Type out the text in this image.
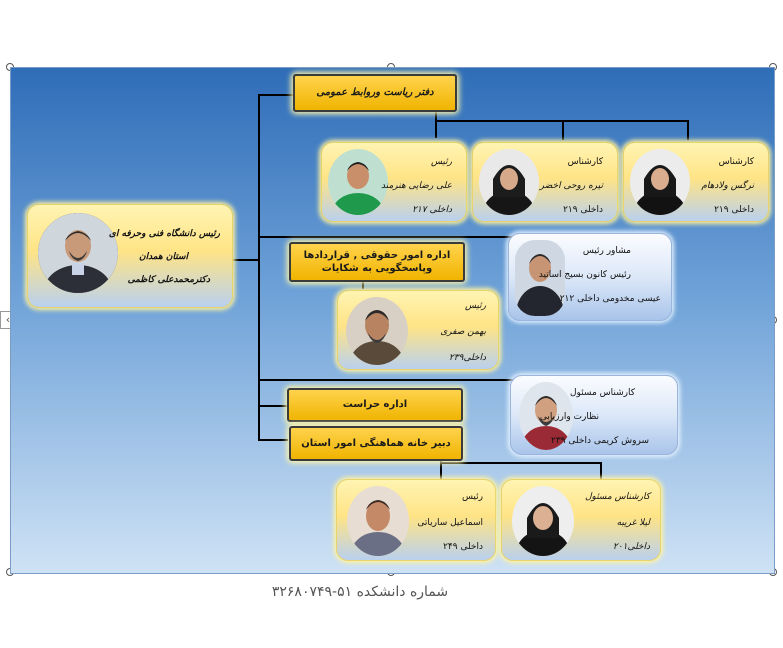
‹
رئیس دانشگاه فنی وحرفه ای
استان همدان
دکترمحمدعلی کاظمی
دفتر ریاست وروابط عمومی
اداره امور حقوقی , قراردادها وپاسخگویی به شکایات
اداره حراست
دبیر خانه هماهنگی امور استان
رئیس
علی رضایی هنرمند
داخلی ۲۱۷
کارشناس
تیره روحی اخضر
داخلی ۲۱۹
کارشناس
نرگس ولادهام
داخلی ۲۱۹
رئیس
بهمن صفری
داخلی۲۳۹
مشاور رئیس
رئیس کانون بسیج اساتید
عیسی مخدومی داخلی ۲۱۲
کارشناس مسئول
نظارت وارزیابی
سروش کریمی داخلی ۲۳۹
رئیس
اسماعیل ساریاتی
داخلی ۲۴۹
کارشناس مسئول
لیلا غریبه
داخلی۲۰۱
شماره دانشکده ۵۱-۳۲۶۸۰۷۴۹
